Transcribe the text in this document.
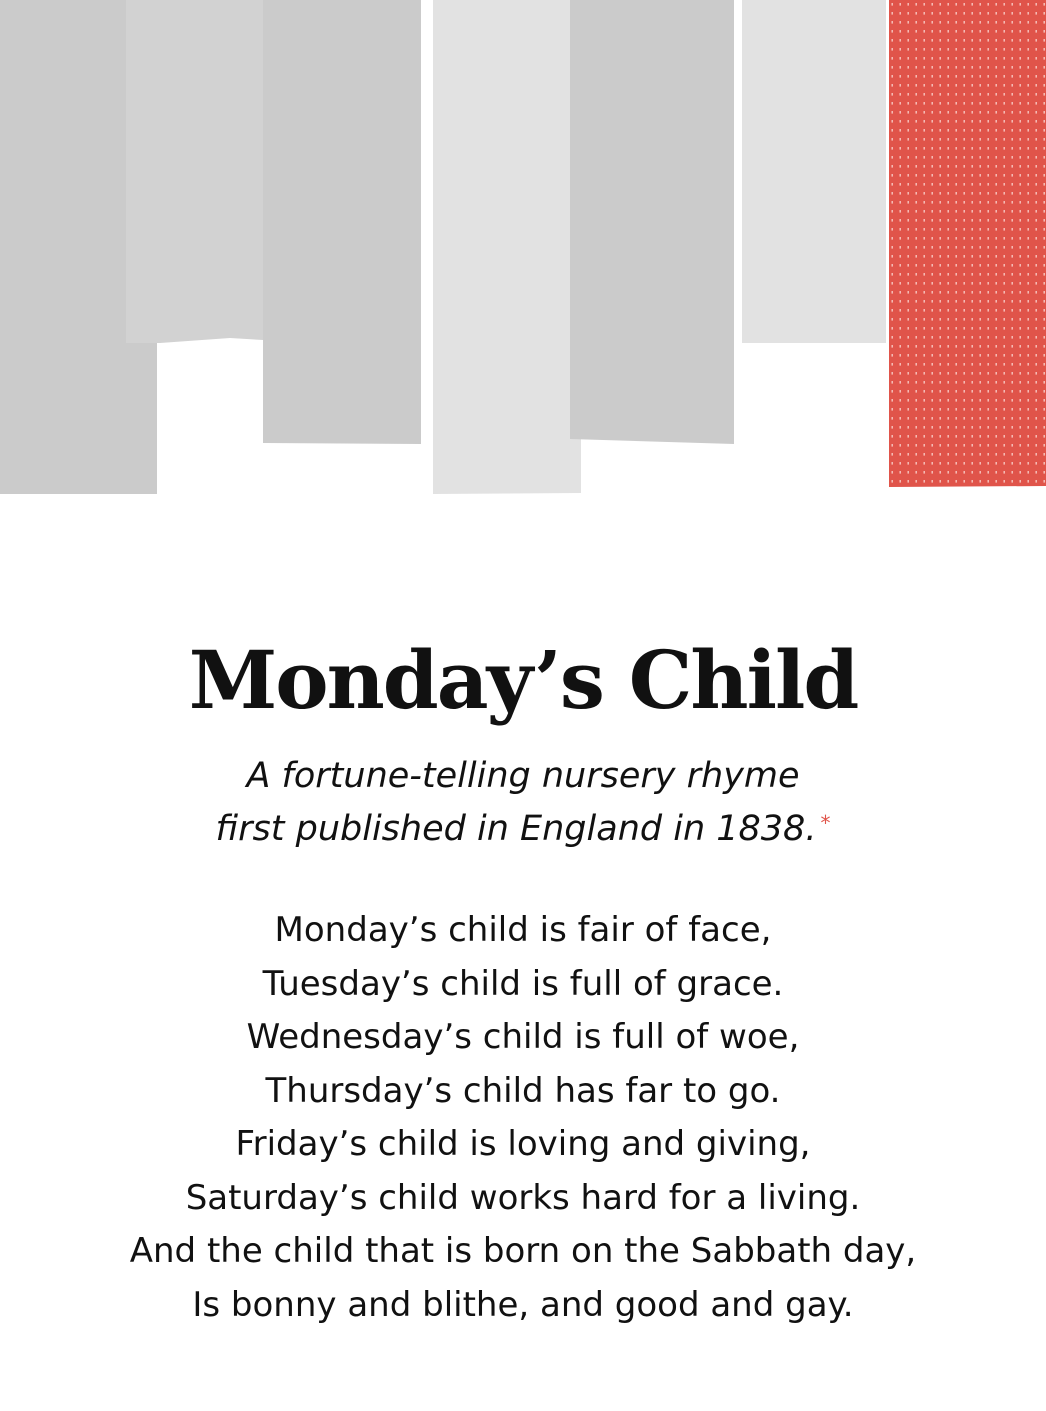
Monday’s Child

A fortune-telling nursery rhyme
first published in England in 1838. *

Monday’s child is fair of face,
Tuesday’s child is full of grace.
Wednesday’s child is full of woe,
Thursday’s child has far to go.
Friday’s child is loving and giving,
Saturday’s child works hard for a living.
And the child that is born on the Sabbath day,
Is bonny and blithe, and good and gay.
